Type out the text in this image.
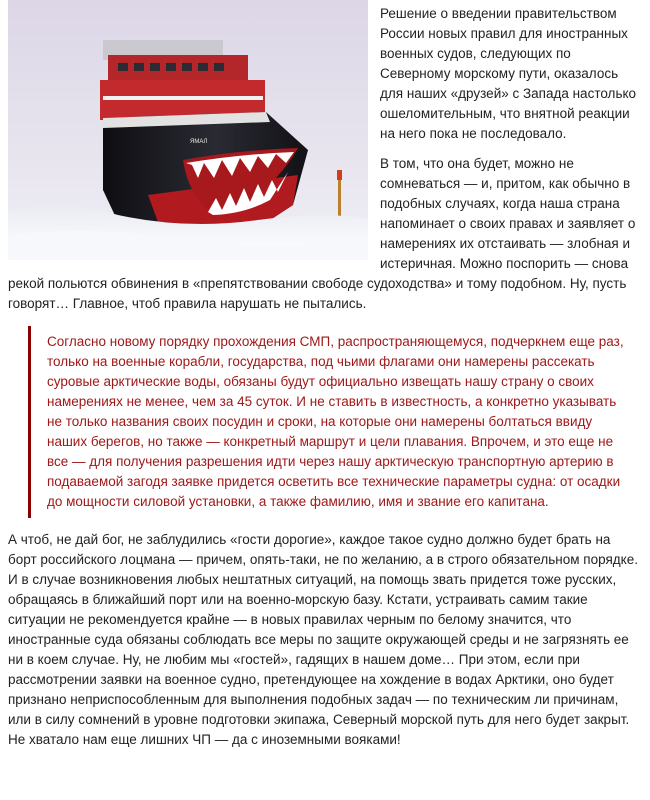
ЯМАЛ

Решение о введении правительством России новых правил для иностранных военных судов, следующих по Северному морскому пути, оказалось для наших «друзей» с Запада настолько ошеломительным, что внятной реакции на него пока не последовало.

В том, что она будет, можно не сомневаться — и, притом, как обычно в подобных случаях, когда наша страна напоминает о своих правах и заявляет о намерениях их отстаивать — злобная и истеричная. Можно поспорить — снова рекой польются обвинения в «препятствовании свободе судоходства» и тому подобном. Ну, пусть говорят… Главное, чтоб правила нарушать не пытались.

Согласно новому порядку прохождения СМП, распространяющемуся, подчеркнем еще раз, только на военные корабли, государства, под чьими флагами они намерены рассекать суровые арктические воды, обязаны будут официально извещать нашу страну о своих намерениях не менее, чем за 45 суток. И не ставить в известность, а конкретно указывать не только названия своих посудин и сроки, на которые они намерены болтаться ввиду наших берегов, но также — конкретный маршрут и цели плавания. Впрочем, и это еще не все — для получения разрешения идти через нашу арктическую транспортную артерию в подаваемой загодя заявке придется осветить все технические параметры судна: от осадки до мощности силовой установки, а также фамилию, имя и звание его капитана.

А чтоб, не дай бог, не заблудились «гости дорогие», каждое такое судно должно будет брать на борт российского лоцмана — причем, опять-таки, не по желанию, а в строго обязательном порядке. И в случае возникновения любых нештатных ситуаций, на помощь звать придется тоже русских, обращаясь в ближайший порт или на военно-морскую базу. Кстати, устраивать самим такие ситуации не рекомендуется крайне — в новых правилах черным по белому значится, что иностранные суда обязаны соблюдать все меры по защите окружающей среды и не загрязнять ее ни в коем случае. Ну, не любим мы «гостей», гадящих в нашем доме… При этом, если при рассмотрении заявки на военное судно, претендующее на хождение в водах Арктики, оно будет признано неприспособленным для выполнения подобных задач — по техническим ли причинам, или в силу сомнений в уровне подготовки экипажа, Северный морской путь для него будет закрыт. Не хватало нам еще лишних ЧП — да с иноземными вояками!
